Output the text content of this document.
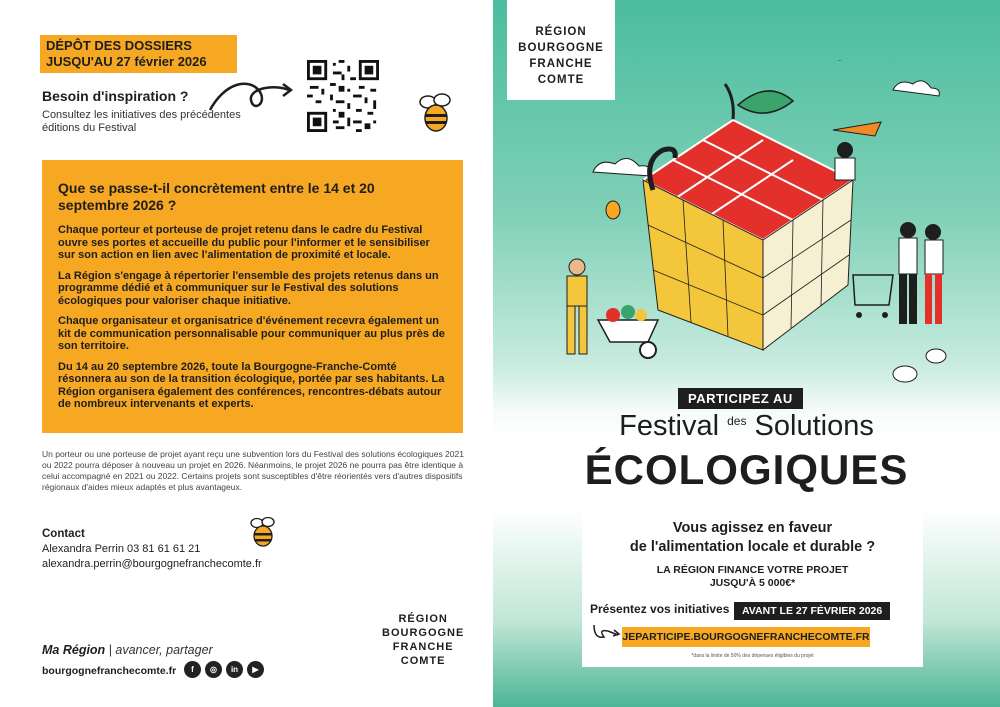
DÉPÔT DES DOSSIERS
JUSQU'AU 27 février 2026
Besoin d'inspiration ?
Consultez les initiatives des précédentes éditions du Festival
Que se passe-t-il concrètement entre le 14 et 20 septembre 2026 ?
Chaque porteur et porteuse de projet retenu dans le cadre du Festival ouvre ses portes et accueille du public pour l'informer et le sensibiliser sur son action en lien avec l'alimentation de proximité et locale.
La Région s'engage à répertorier l'ensemble des projets retenus dans un programme dédié et à communiquer sur le Festival des solutions écologiques pour valoriser chaque initiative.
Chaque organisateur et organisatrice d'événement recevra également un kit de communication personnalisable pour communiquer au plus près de son territoire.
Du 14 au 20 septembre 2026, toute la Bourgogne-Franche-Comté résonnera au son de la transition écologique, portée par ses habitants. La Région organisera également des conférences, rencontres-débats autour de nombreux intervenants et experts.
Un porteur ou une porteuse de projet ayant reçu une subvention lors du Festival des solutions écologiques 2021 ou 2022 pourra déposer à nouveau un projet en 2026. Néanmoins, le projet 2026 ne pourra pas être identique à celui accompagné en 2021 ou 2022. Certains projets sont susceptibles d'être réorientés vers d'autres dispositifs régionaux d'aides mieux adaptés et plus avantageux.
Contact
Alexandra Perrin 03 81 61 61 21
alexandra.perrin@bourgognefranchecomte.fr
RÉGION
BOURGOGNE
FRANCHE
COMTE
Ma Région | avancer, partager
bourgognefranchecomte.fr	f	◎	in	▶
RÉGION
BOURGOGNE
FRANCHE
COMTE
PARTICIPEZ AU
Festival $^{des}$ Solutions
ÉCOLOGIQUES
Vous agissez en faveur
de l'alimentation locale et durable ?
LA RÉGION FINANCE VOTRE PROJET
JUSQU'À 5 000€*
Présentez vos initiatives	AVANT LE 27 FÉVRIER 2026
JEPARTICIPE.BOURGOGNEFRANCHECOMTE.FR
*dans la limite de 50% des dépenses éligibles du projet
